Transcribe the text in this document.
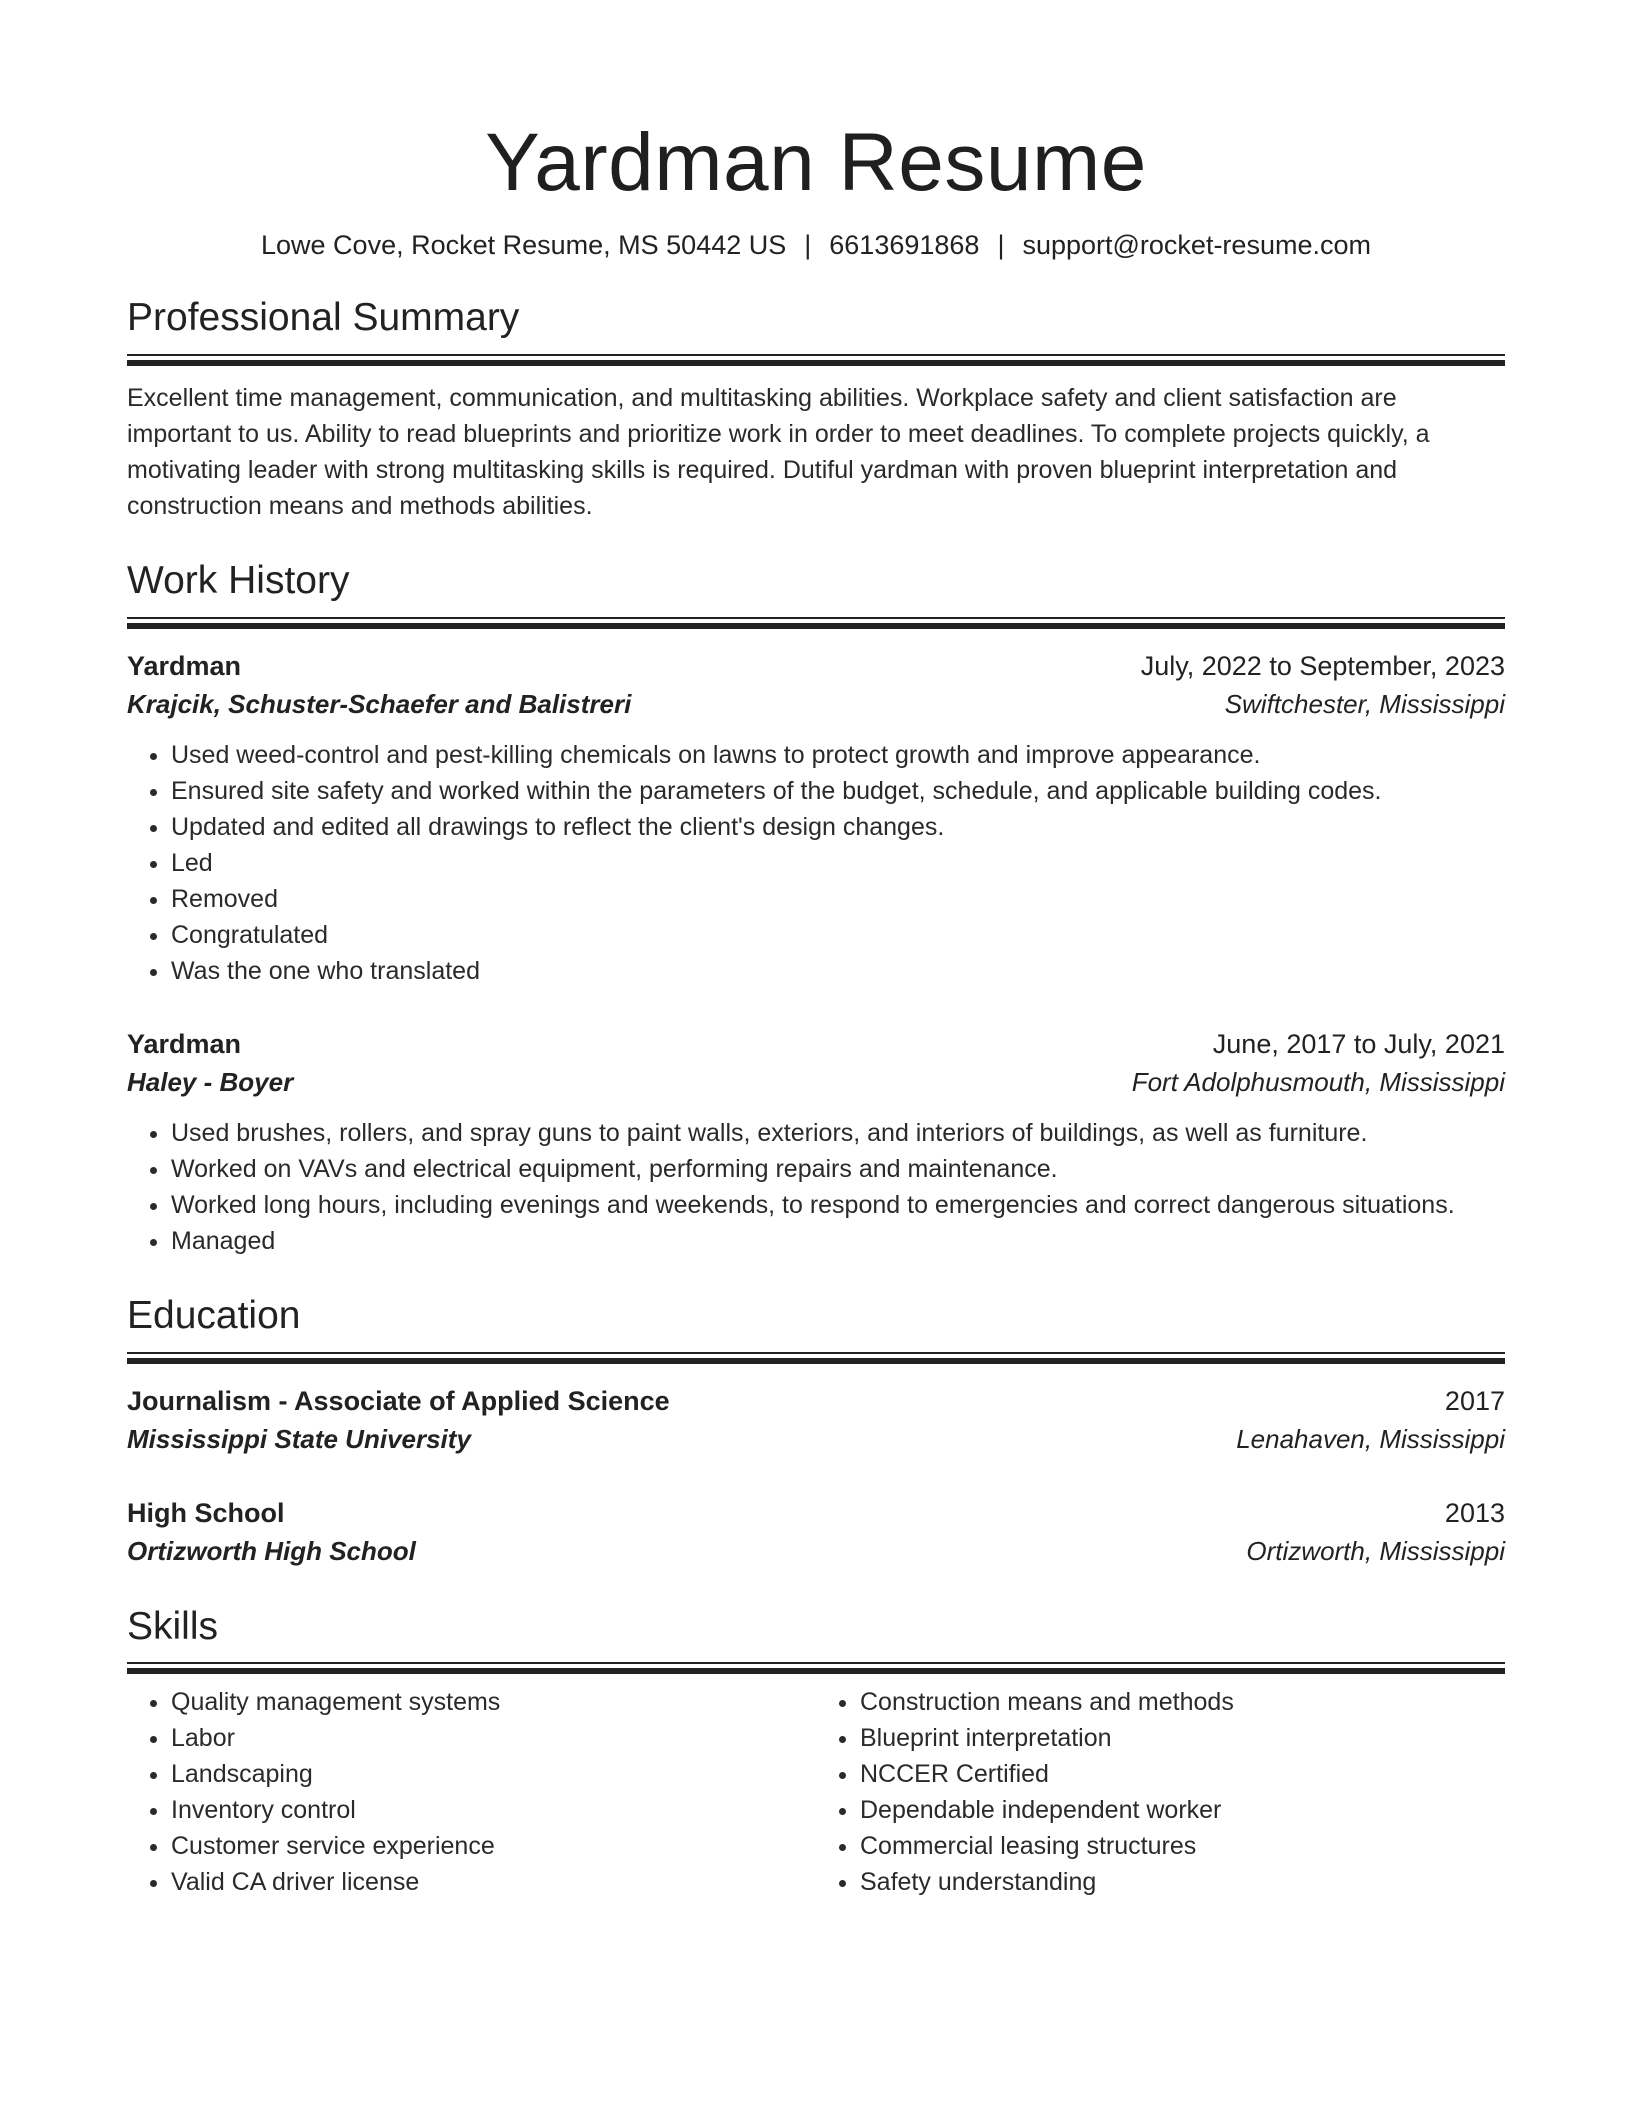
Yardman Resume
Lowe Cove, Rocket Resume, MS 50442 US | 6613691868 | support@rocket-resume.com
Professional Summary
Excellent time management, communication, and multitasking abilities. Workplace safety and client satisfaction are important to us. Ability to read blueprints and prioritize work in order to meet deadlines. To complete projects quickly, a motivating leader with strong multitasking skills is required. Dutiful yardman with proven blueprint interpretation and construction means and methods abilities.
Work History
Yardman	July, 2022 to September, 2023
Krajcik, Schuster-Schaefer and Balistreri	Swiftchester, Mississippi
• Used weed-control and pest-killing chemicals on lawns to protect growth and improve appearance.
• Ensured site safety and worked within the parameters of the budget, schedule, and applicable building codes.
• Updated and edited all drawings to reflect the client's design changes.
• Led
• Removed
• Congratulated
• Was the one who translated
Yardman	June, 2017 to July, 2021
Haley - Boyer	Fort Adolphusmouth, Mississippi
• Used brushes, rollers, and spray guns to paint walls, exteriors, and interiors of buildings, as well as furniture.
• Worked on VAVs and electrical equipment, performing repairs and maintenance.
• Worked long hours, including evenings and weekends, to respond to emergencies and correct dangerous situations.
• Managed
Education
Journalism - Associate of Applied Science	2017
Mississippi State University	Lenahaven, Mississippi
High School	2013
Ortizworth High School	Ortizworth, Mississippi
Skills
• Quality management systems
• Labor
• Landscaping
• Inventory control
• Customer service experience
• Valid CA driver license
• Construction means and methods
• Blueprint interpretation
• NCCER Certified
• Dependable independent worker
• Commercial leasing structures
• Safety understanding
